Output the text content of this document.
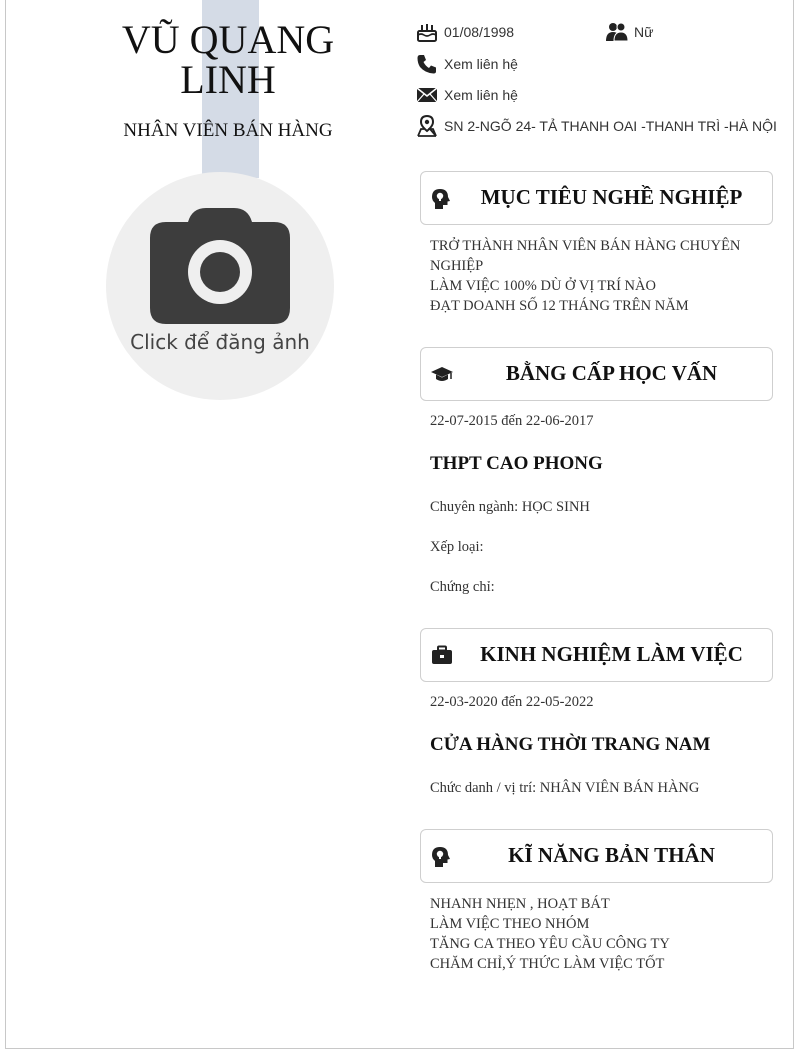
VŨ QUANG
LINH
NHÂN VIÊN BÁN HÀNG
Click để đăng ảnh
01/08/1998	Nữ
Xem liên hệ
Xem liên hệ
SN 2-NGÕ 24- TẢ THANH OAI -THANH TRÌ -HÀ NỘI
MỤC TIÊU NGHỀ NGHIỆP
TRỞ THÀNH NHÂN VIÊN BÁN HÀNG CHUYÊN NGHIỆP
LÀM VIỆC 100% DÙ Ở VỊ TRÍ NÀO
ĐẠT DOANH SỐ 12 THÁNG TRÊN NĂM
BẰNG CẤP HỌC VẤN
22-07-2015 đến 22-06-2017
THPT CAO PHONG
Chuyên ngành: HỌC SINH
Xếp loại:
Chứng chỉ:
KINH NGHIỆM LÀM VIỆC
22-03-2020 đến 22-05-2022
CỬA HÀNG THỜI TRANG NAM
Chức danh / vị trí: NHÂN VIÊN BÁN HÀNG
KĨ NĂNG BẢN THÂN
NHANH NHẸN , HOẠT BÁT
LÀM VIỆC THEO NHÓM
TĂNG CA THEO YÊU CẦU CÔNG TY
CHĂM CHỈ,Ý THỨC LÀM VIỆC TỐT
